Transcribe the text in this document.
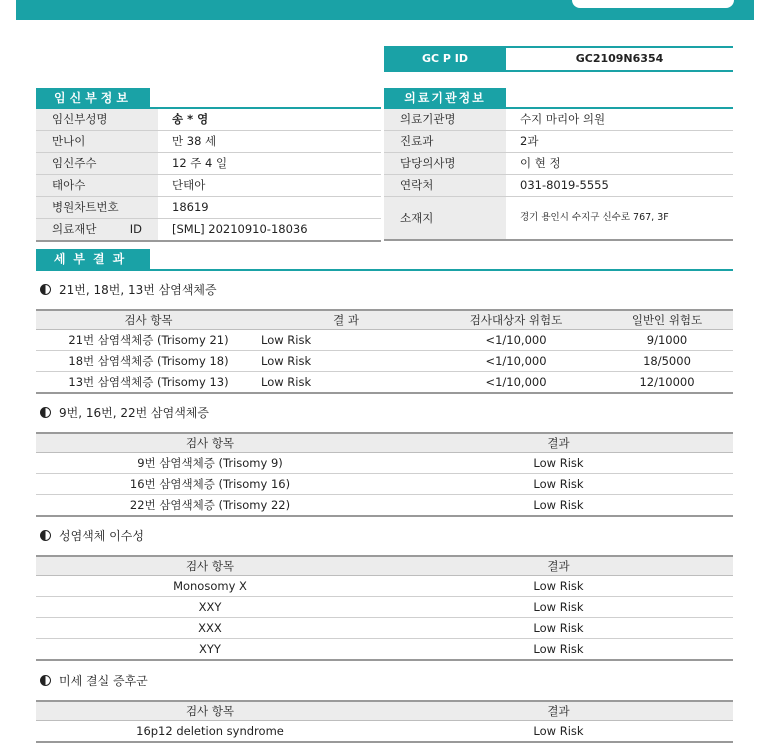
GC P ID	GC2109N6354
임신부정보
임신부성명	송 * 영
만나이	만 38 세
임신주수	12 주 4 일
태아수	단태아
병원차트번호	18619
의료재단 ID	[SML] 20210910-18036
의료기관정보
의료기관명	수지 마리아 의원
진료과	2과
담당의사명	이 현 정
연락처	031-8019-5555
소재지	경기 용인시 수지구 신수로 767, 3F
세부결과
21번, 18번, 13번 삼염색체증
검사 항목	결 과	검사대상자 위험도	일반인 위험도
21번 삼염색체증 (Trisomy 21)	Low Risk	<1/10,000	9/1000
18번 삼염색체증 (Trisomy 18)	Low Risk	<1/10,000	18/5000
13번 삼염색체증 (Trisomy 13)	Low Risk	<1/10,000	12/10000
9번, 16번, 22번 삼염색체증
검사 항목	결과
9번 삼염색체증 (Trisomy 9)	Low Risk
16번 삼염색체증 (Trisomy 16)	Low Risk
22번 삼염색체증 (Trisomy 22)	Low Risk
성염색체 이수성
검사 항목	결과
Monosomy X	Low Risk
XXY	Low Risk
XXX	Low Risk
XYY	Low Risk
미세 결실 증후군
검사 항목	결과
16p12 deletion syndrome	Low Risk
